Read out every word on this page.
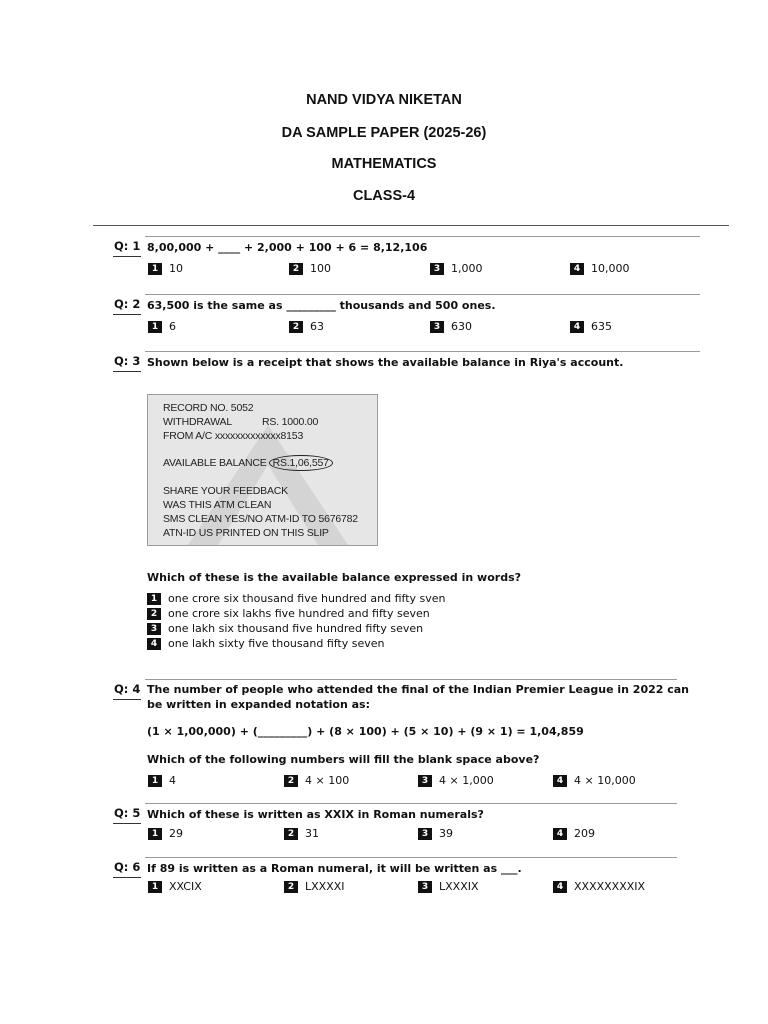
NAND VIDYA NIKETAN
DA SAMPLE PAPER (2025-26)
MATHEMATICS
CLASS-4
Q: 1 8,00,000 + ____ + 2,000 + 100 + 6 = 8,12,106
1 10	2 100	3 1,000	4 10,000
Q: 2 63,500 is the same as _________ thousands and 500 ones.
1 6	2 63	3 630	4 635
Q: 3 Shown below is a receipt that shows the available balance in Riya's account.
RECORD NO. 5052
WITHDRAWAL	RS. 1000.00
FROM A/C xxxxxxxxxxxxx8153
AVAILABLE BALANCE RS.1,06,557
SHARE YOUR FEEDBACK
WAS THIS ATM CLEAN
SMS CLEAN YES/NO ATM-ID TO 5676782
ATN-ID US PRINTED ON THIS SLIP
Which of these is the available balance expressed in words?
1 one crore six thousand five hundred and fifty sven
2 one crore six lakhs five hundred and fifty seven
3 one lakh six thousand five hundred fifty seven
4 one lakh sixty five thousand fifty seven
Q: 4 The number of people who attended the final of the Indian Premier League in 2022 can
be written in expanded notation as:
(1 × 1,00,000) + (_________) + (8 × 100) + (5 × 10) + (9 × 1) = 1,04,859
Which of the following numbers will fill the blank space above?
1 4	2 4 × 100	3 4 × 1,000	4 4 × 10,000
Q: 5 Which of these is written as XXIX in Roman numerals?
1 29	2 31	3 39	4 209
Q: 6 If 89 is written as a Roman numeral, it will be written as ___.
1 XXCIX	2 LXXXXI	3 LXXXIX	4 XXXXXXXXIX
